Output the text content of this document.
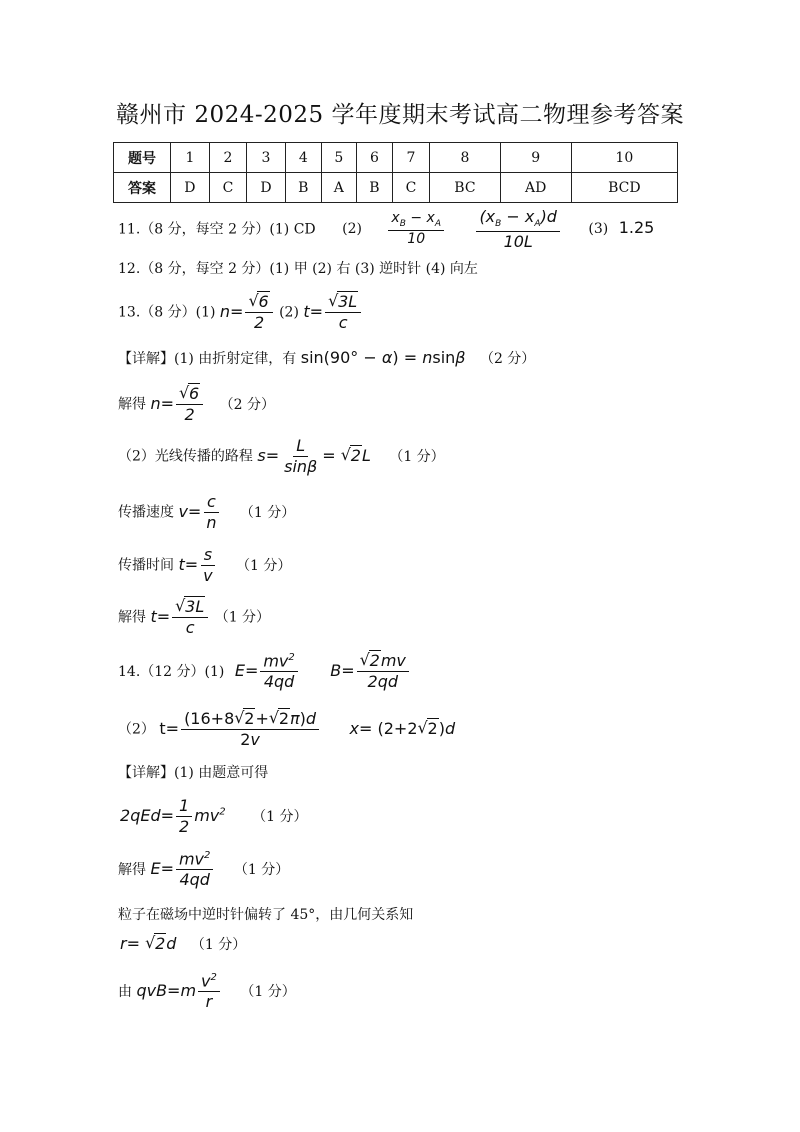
赣州市 2024-2025 学年度期末考试高二物理参考答案
题号	1	2	3	4	5	6	7	8	9	10
答案	D	C	D	B	A	B	C	BC	AD	BCD
11.（8 分，每空 2 分）(1) CD $(2) \frac{x_B - x_A}{10}$
$\frac{(x_B - x_A)d}{10L} (3)$ 1.25
12.（8 分，每空 2 分）(1) 甲 (2) 右 (3) 逆时针 (4) 向左
13.（8 分）(1) n= √ $\frac{6}{2} (2)$ t= √ $\frac{3L}{c}$
【详解】(1) 由折射定律，有 sin(90° − α) = nsinβ （2 分）
解得 n= √ $\frac{6}{2} (2$ 分）
（2）光线传播的路程 $s= \frac{L}{\sin\beta}$ = √ 2L （1 分）
传播速度 $v= \frac{c}{n} (1$ 分）
传播时间 $t= \frac{s}{v} (1$ 分）
解得 t= √ $\frac{3L}{c} (1$ 分）
14.（12 分）(1) $E= \frac{mv^2}{4qd} B=$ √ $\frac{2mv}{2qd}$
（2） $t= \frac{(16+8 √ 2+ √ 2\pi)d}{2v} x= (2+2$ √ 2)d
【详解】(1) 由题意可得
$2qEd= \frac{1}{2} mv^2$ （1 分）
解得 $E= \frac{mv^2}{4qd} (1$ 分）
粒子在磁场中逆时针偏转了 45°，由几何关系知
r= √ 2d （1 分）
由 $qvB=m \frac{v^2}{r} (1$ 分）
